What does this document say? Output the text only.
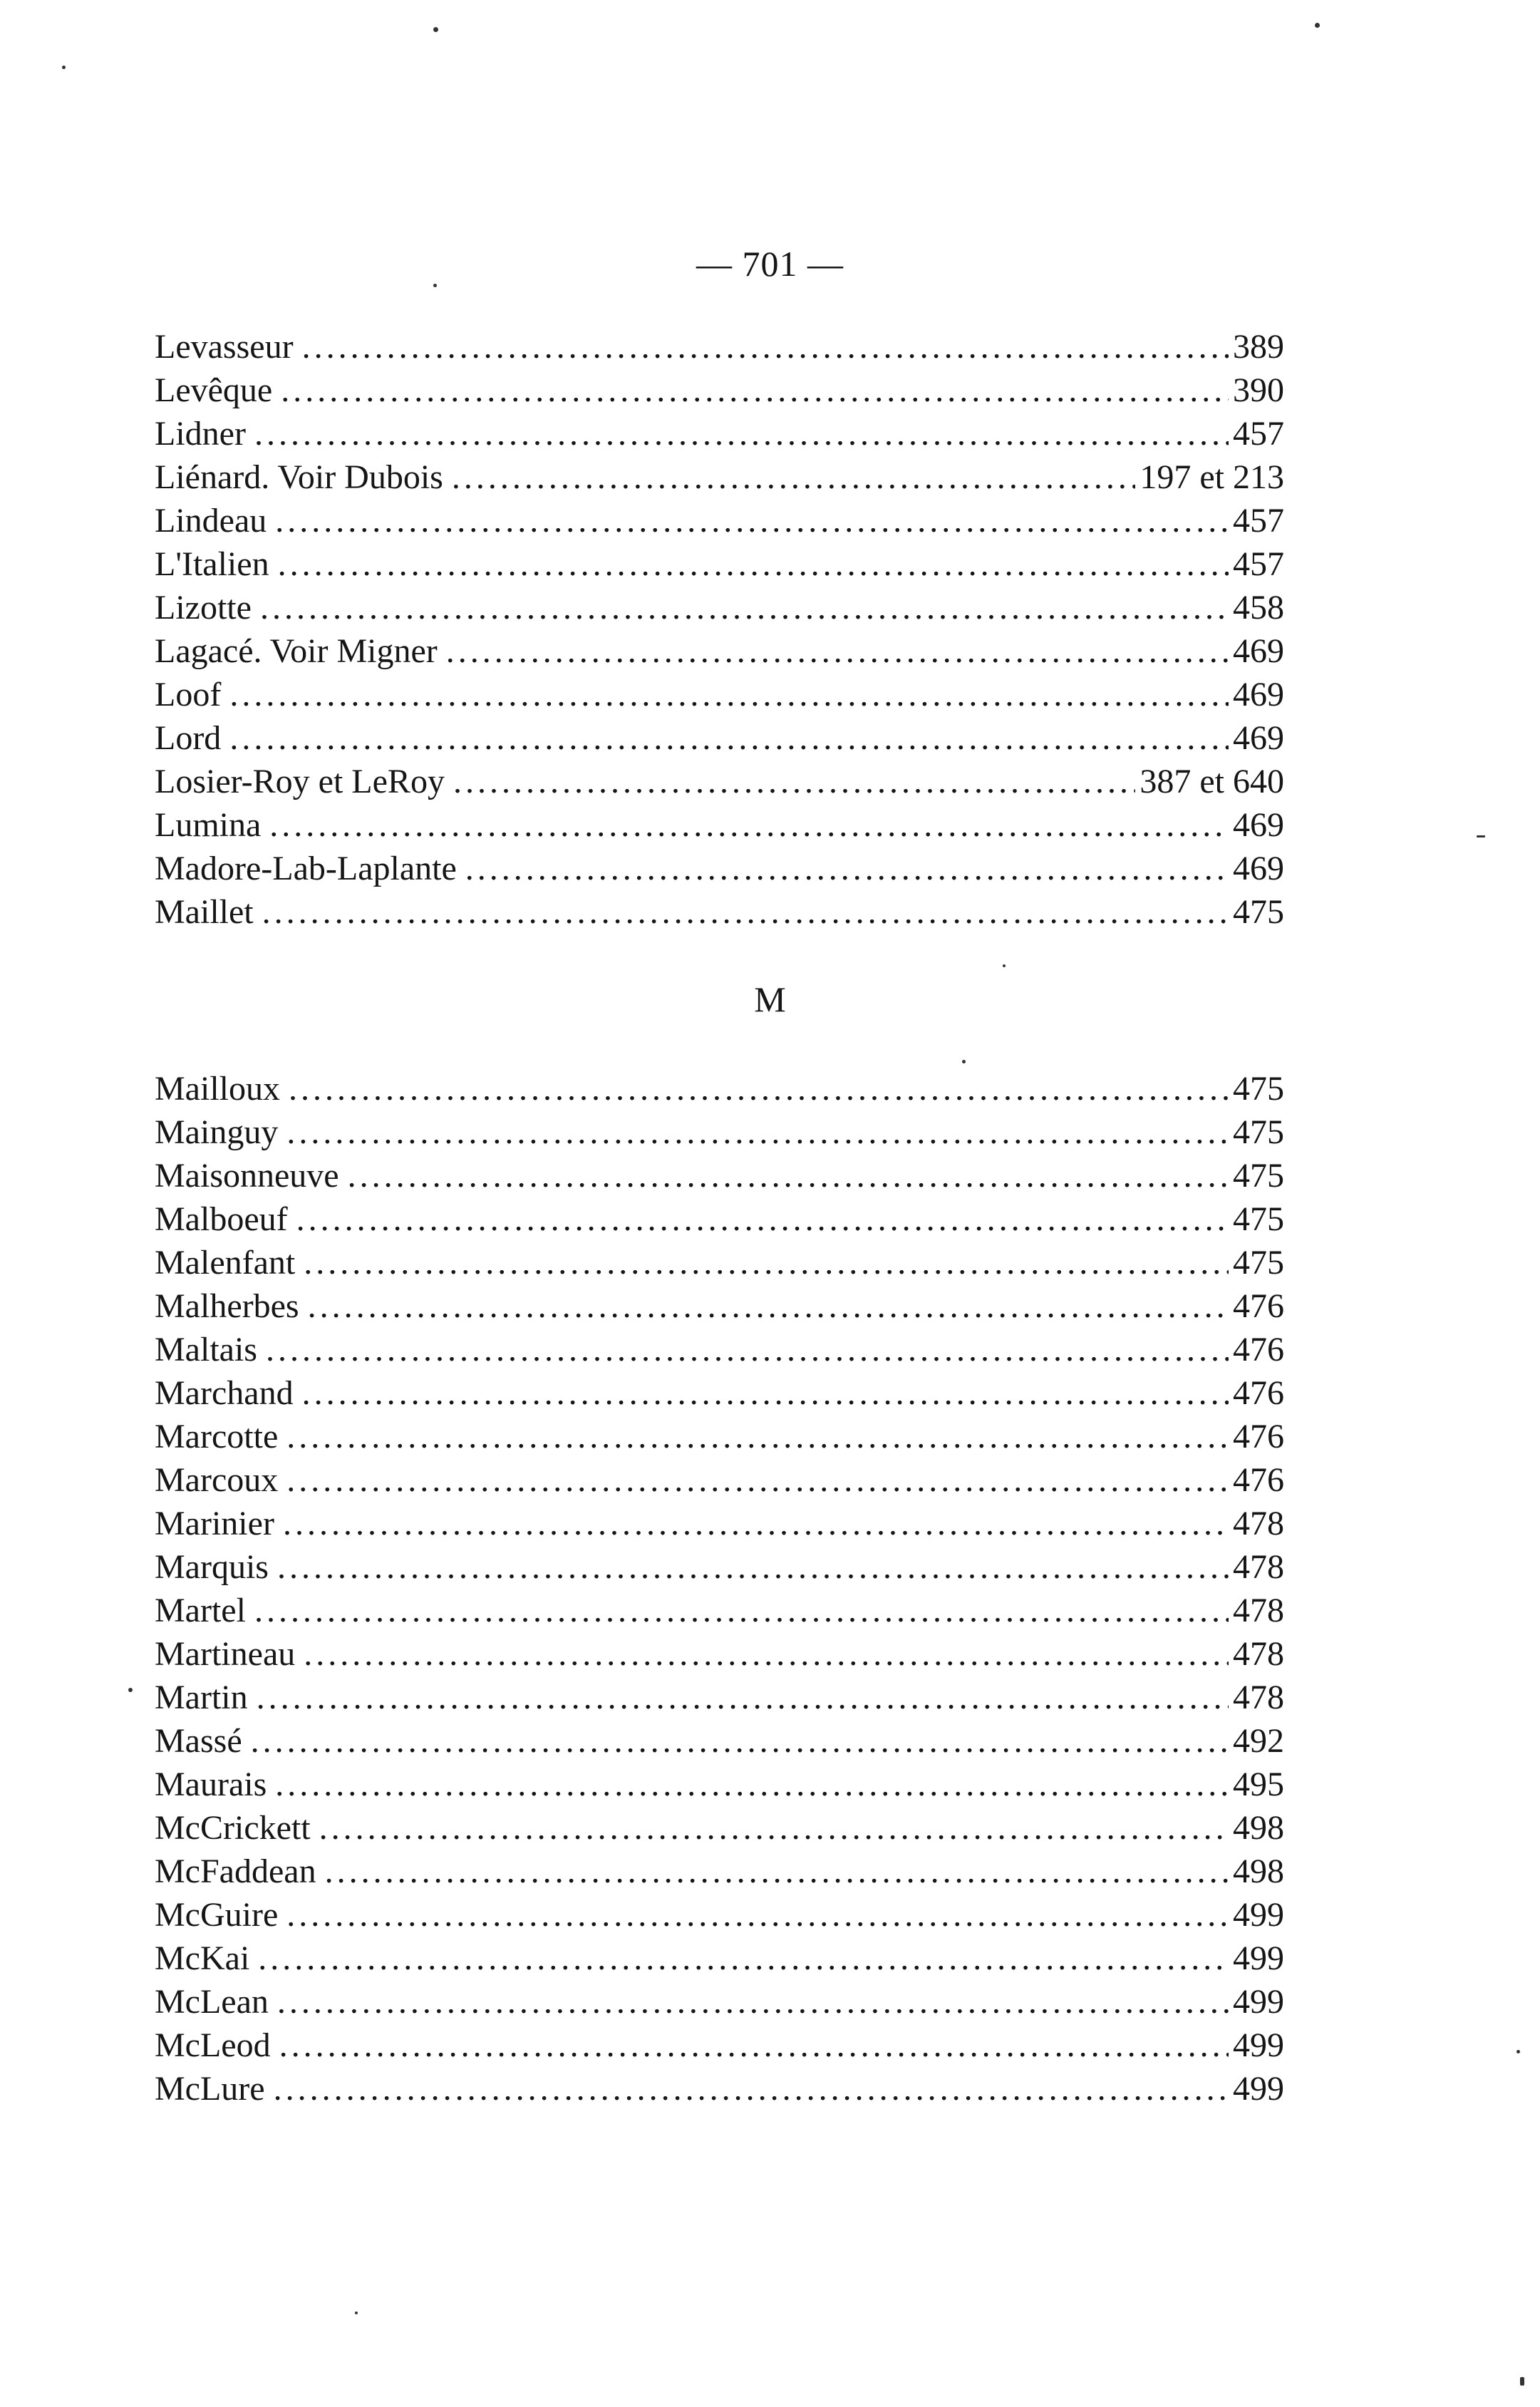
— 701 —
Levasseur .....	389
Levêque .....	390
Lidner .....	457
Liénard. Voir Dubois .....	197 et 213
Lindeau .....	457
L'Italien .....	457
Lizotte .....	458
Lagacé. Voir Migner .....	469
Loof .....	469
Lord .....	469
Losier-Roy et LeRoy .....	387 et 640
Lumina .....	469
Madore-Lab-Laplante .....	469
Maillet .....	475
M
Mailloux .....	475
Mainguy .....	475
Maisonneuve .....	475
Malboeuf .....	475
Malenfant .....	475
Malherbes .....	476
Maltais .....	476
Marchand .....	476
Marcotte .....	476
Marcoux .....	476
Marinier .....	478
Marquis .....	478
Martel .....	478
Martineau .....	478
Martin .....	478
Massé .....	492
Maurais .....	495
McCrickett .....	498
McFaddean .....	498
McGuire .....	499
McKai .....	499
McLean .....	499
McLeod .....	499
McLure .....	499
